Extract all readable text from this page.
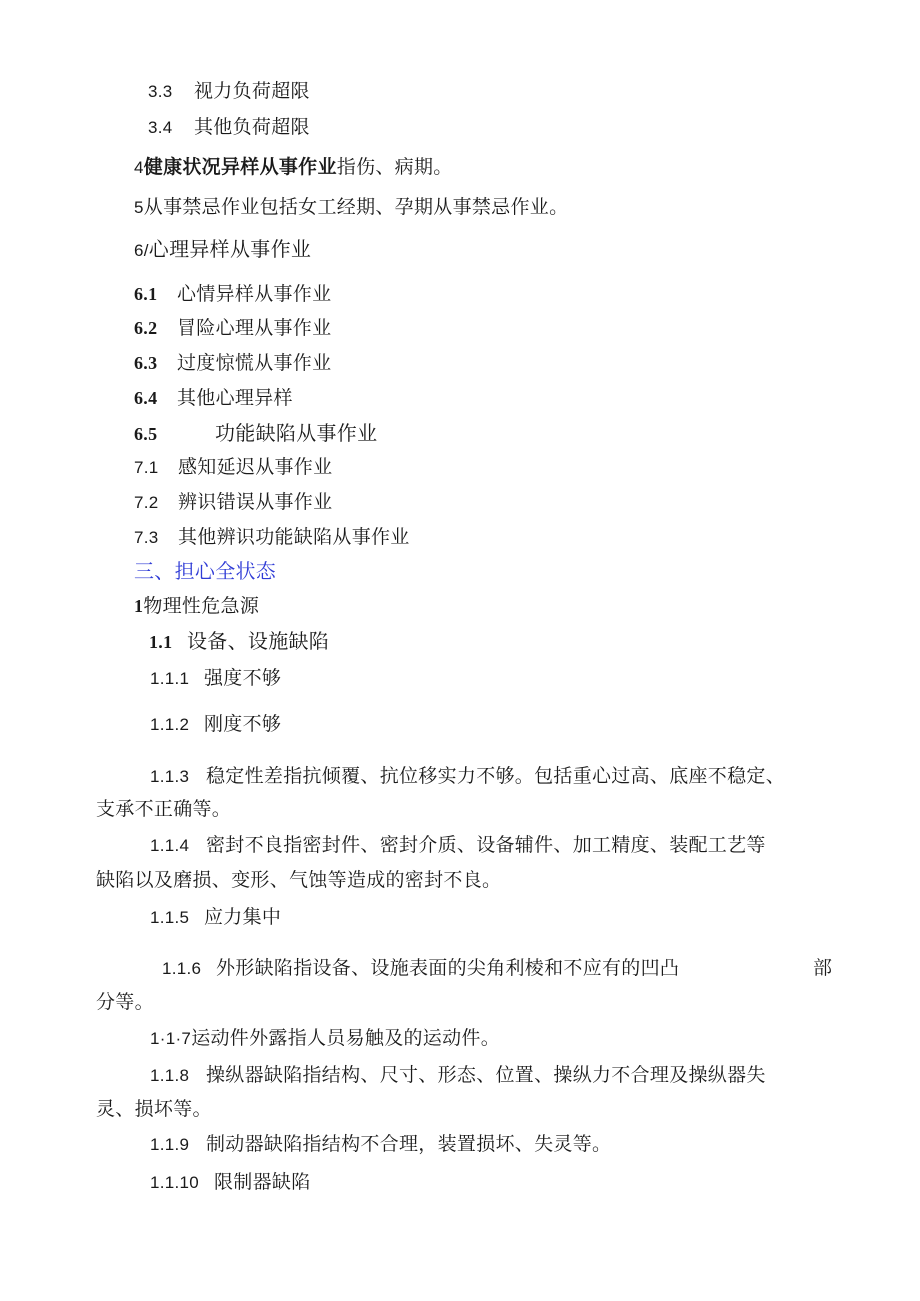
3.3 视力负荷超限
3.4 其他负荷超限
4健康状况异样从事作业指伤、病期。
5从事禁忌作业包括女工经期、孕期从事禁忌作业。
6/心理异样从事作业
6.1 心情异样从事作业
6.2 冒险心理从事作业
6.3 过度惊慌从事作业
6.4 其他心理异样
6.5	功能缺陷从事作业
7.1 感知延迟从事作业
7.2 辨识错误从事作业
7.3 其他辨识功能缺陷从事作业
三、担心全状态
1物理性危急源
1.1 设备、设施缺陷
1.1.1 强度不够
1.1.2 刚度不够
1.1.3 稳定性差指抗倾覆、抗位移实力不够。包括重心过高、底座不稳定、
支承不正确等。
1.1.4 密封不良指密封件、密封介质、设备辅件、加工精度、装配工艺等
缺陷以及磨损、变形、气蚀等造成的密封不良。
1.1.5 应力集中
1.1.6 外形缺陷指设备、设施表面的尖角利棱和不应有的凹凸	部
分等。
1·1·7运动件外露指人员易触及的运动件。
1.1.8 操纵器缺陷指结构、尺寸、形态、位置、操纵力不合理及操纵器失
灵、损坏等。
1.1.9 制动器缺陷指结构不合理，装置损坏、失灵等。
1.1.10 限制器缺陷
